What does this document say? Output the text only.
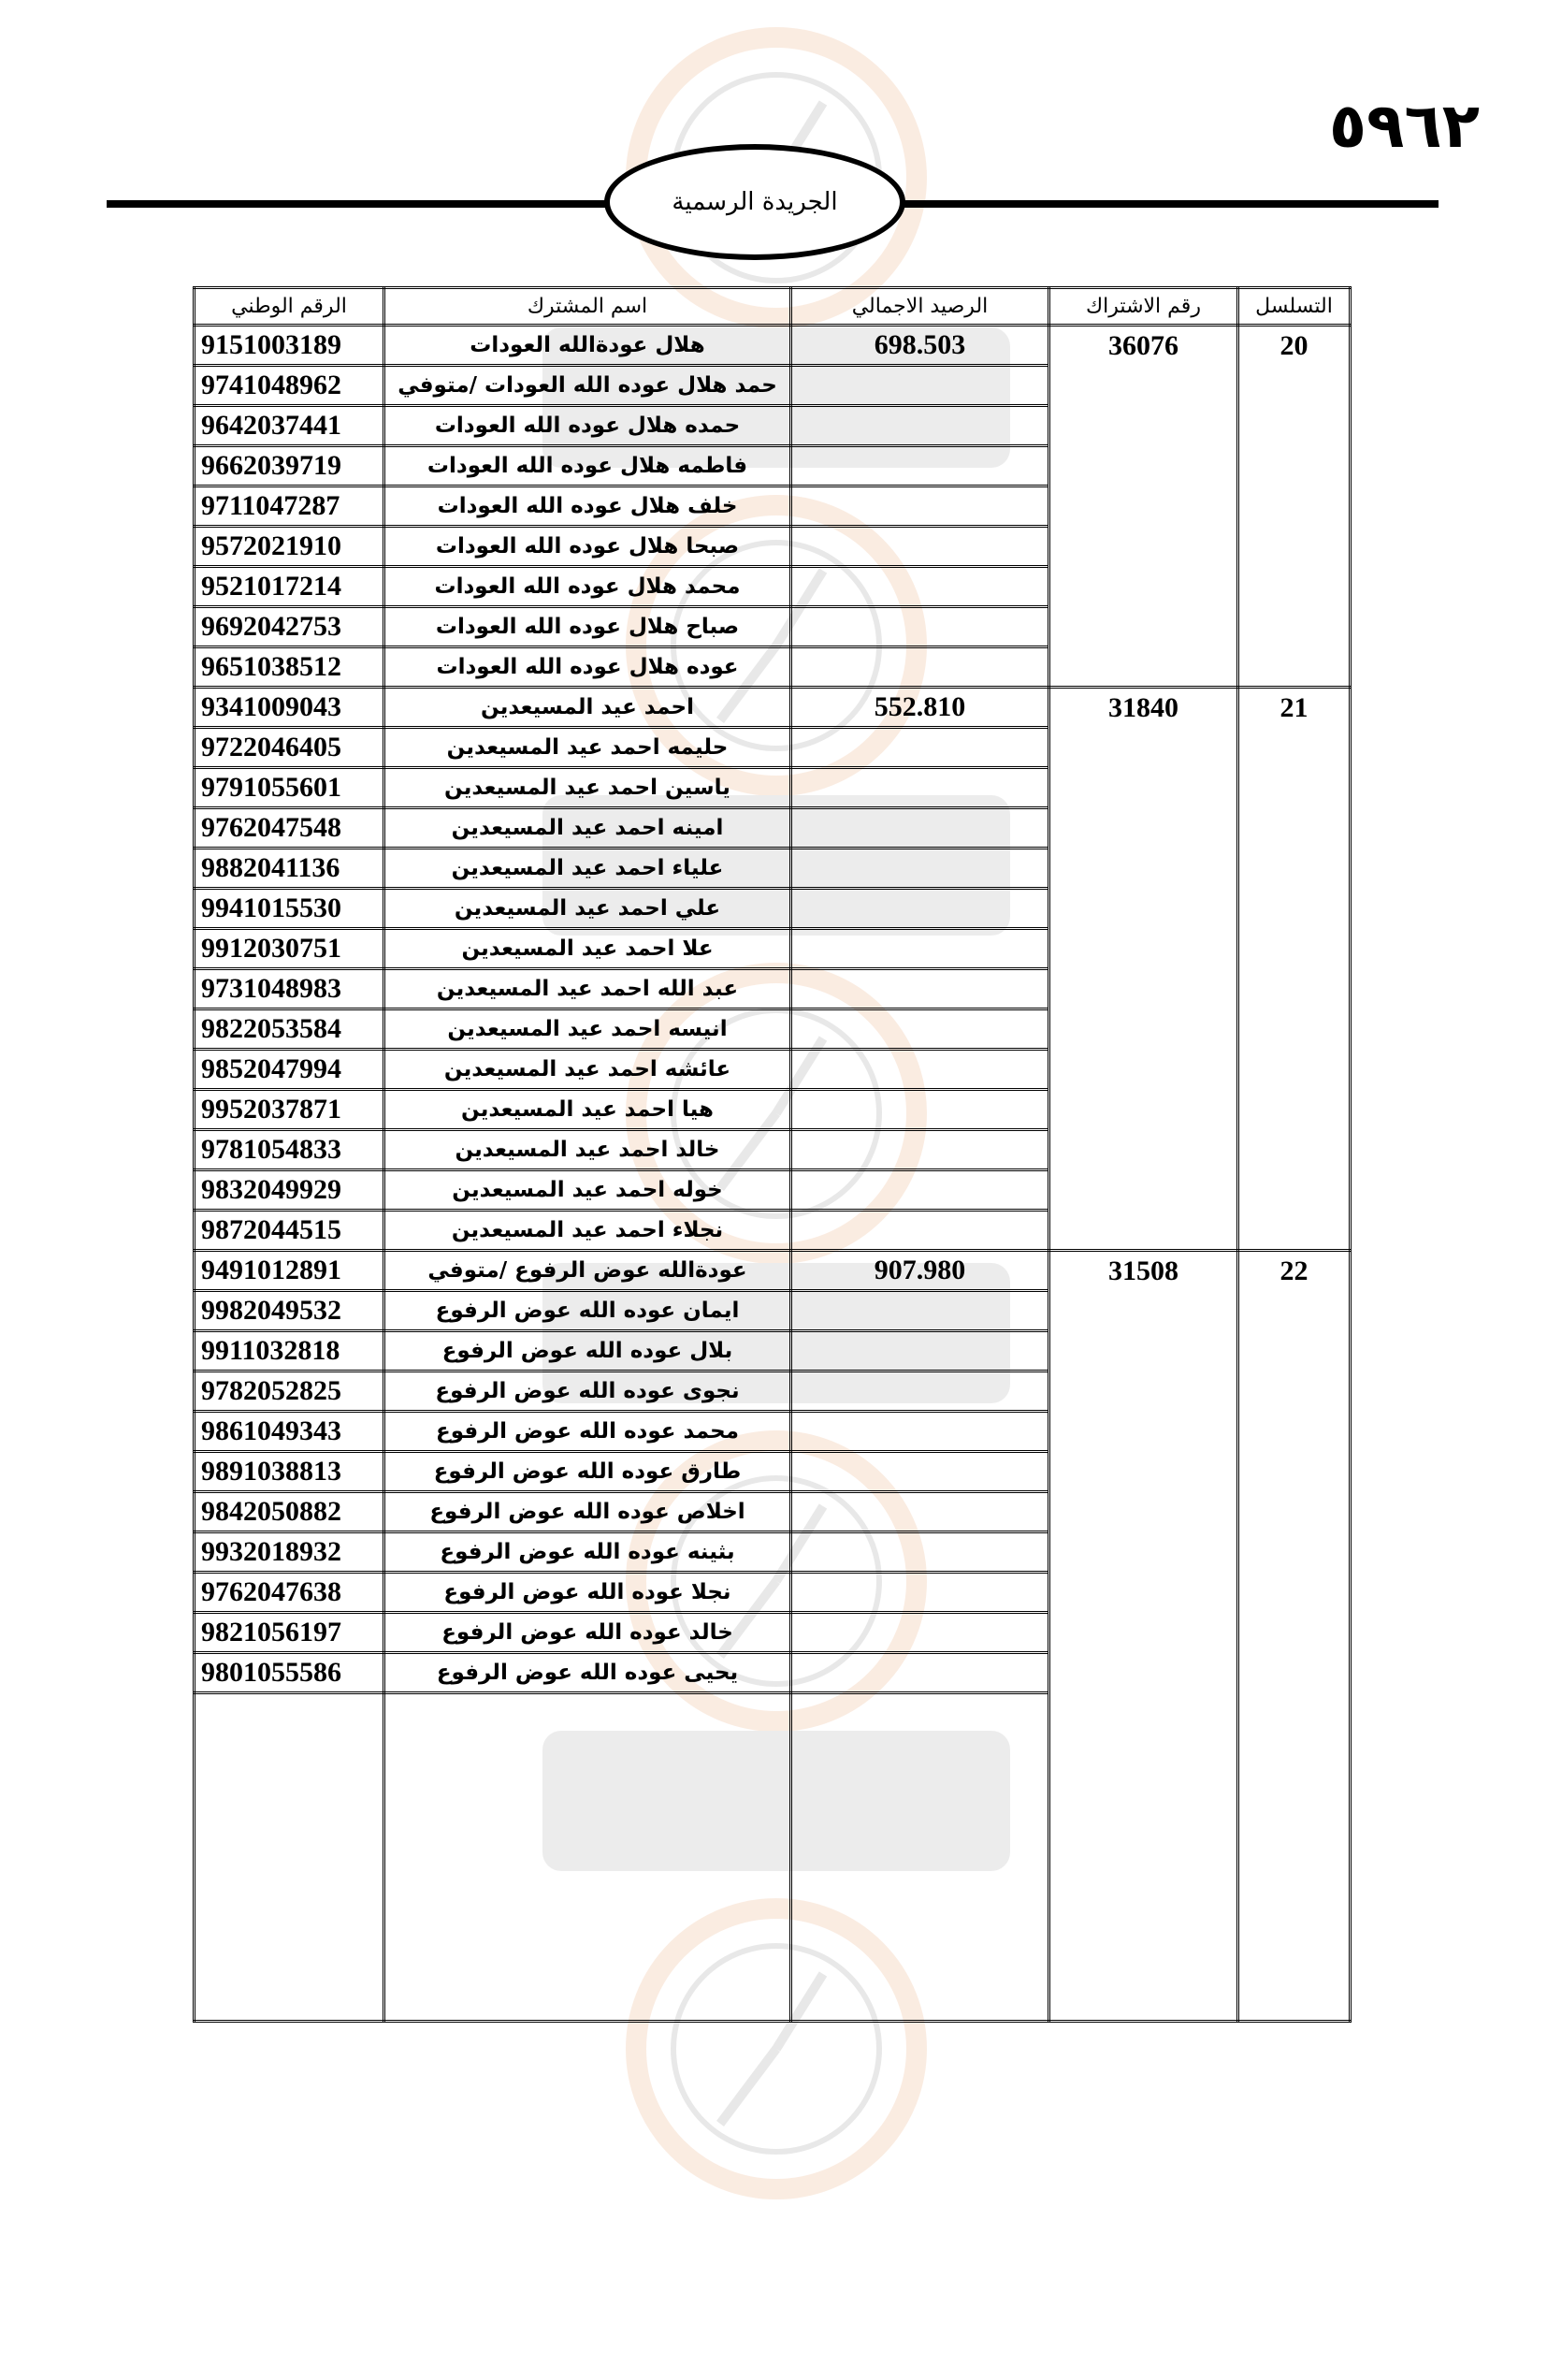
٥٩٦٢
الجريدة الرسمية
التسلسل	رقم الاشتراك	الرصيد الاجمالي	اسم المشترك	الرقم الوطني
20	36076	698.503	هلال عودةالله العودات	9151003189
			حمد هلال عوده الله العودات /متوفي	9741048962
			حمده هلال عوده الله العودات	9642037441
			فاطمه هلال عوده الله العودات	9662039719
			خلف هلال عوده الله العودات	9711047287
			صبحا هلال عوده الله العودات	9572021910
			محمد هلال عوده الله العودات	9521017214
			صباح هلال عوده الله العودات	9692042753
			عوده هلال عوده الله العودات	9651038512
21	31840	552.810	احمد عيد المسيعدين	9341009043
			حليمه احمد عيد المسيعدين	9722046405
			ياسين احمد عيد المسيعدين	9791055601
			امينه احمد عيد المسيعدين	9762047548
			علياء احمد عيد المسيعدين	9882041136
			علي احمد عيد المسيعدين	9941015530
			علا احمد عيد المسيعدين	9912030751
			عبد الله احمد عيد المسيعدين	9731048983
			انيسه احمد عيد المسيعدين	9822053584
			عائشه احمد عيد المسيعدين	9852047994
			هيا احمد عيد المسيعدين	9952037871
			خالد احمد عيد المسيعدين	9781054833
			خوله احمد عيد المسيعدين	9832049929
			نجلاء احمد عيد المسيعدين	9872044515
22	31508	907.980	عودةالله عوض الرفوع /متوفي	9491012891
			ايمان عوده الله عوض الرفوع	9982049532
			بلال عوده الله عوض الرفوع	9911032818
			نجوى عوده الله عوض الرفوع	9782052825
			محمد عوده الله عوض الرفوع	9861049343
			طارق عوده الله عوض الرفوع	9891038813
			اخلاص عوده الله عوض الرفوع	9842050882
			بثينه عوده الله عوض الرفوع	9932018932
			نجلا عوده الله عوض الرفوع	9762047638
			خالد عوده الله عوض الرفوع	9821056197
			يحيى عوده الله عوض الرفوع	9801055586
